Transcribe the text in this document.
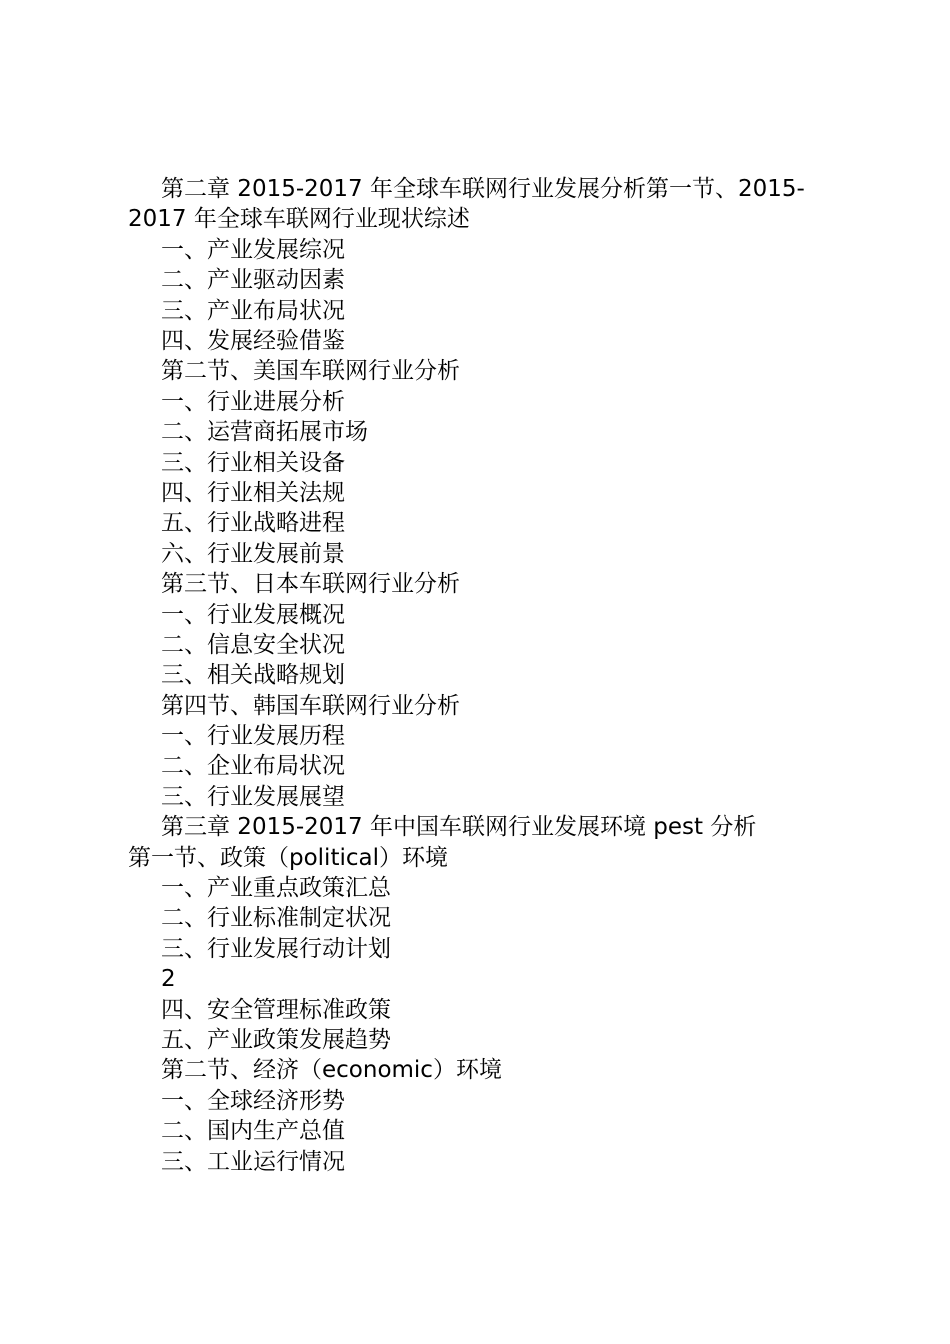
第二章 2015-2017 年全球车联网行业发展分析第一节、2015-2017 年全球车联网行业现状综述
一、产业发展综况
二、产业驱动因素
三、产业布局状况
四、发展经验借鉴
第二节、美国车联网行业分析
一、行业进展分析
二、运营商拓展市场
三、行业相关设备
四、行业相关法规
五、行业战略进程
六、行业发展前景
第三节、日本车联网行业分析
一、行业发展概况
二、信息安全状况
三、相关战略规划
第四节、韩国车联网行业分析
一、行业发展历程
二、企业布局状况
三、行业发展展望
第三章 2015-2017 年中国车联网行业发展环境 pest 分析
第一节、政策（political）环境
一、产业重点政策汇总
二、行业标准制定状况
三、行业发展行动计划
2
四、安全管理标准政策
五、产业政策发展趋势
第二节、经济（economic）环境
一、全球经济形势
二、国内生产总值
三、工业运行情况
